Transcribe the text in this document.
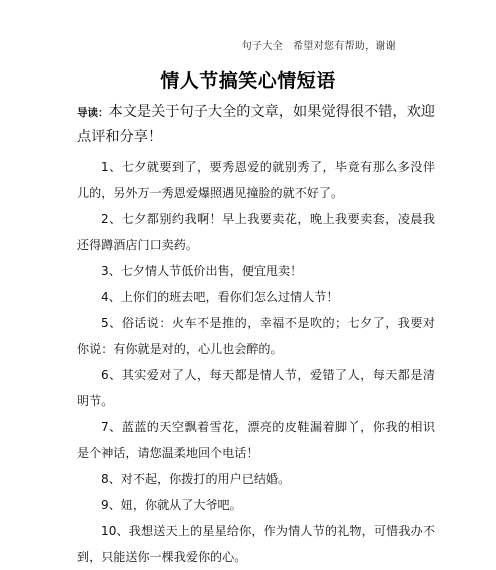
句子大全 希望对您有帮助，谢谢
情人节搞笑心情短语

导读：本文是关于句子大全的文章，如果觉得很不错，欢迎点评和分享！

1、七夕就要到了，要秀恩爱的就别秀了，毕竟有那么多没伴儿的，另外万一秀恩爱爆照遇见撞脸的就不好了。

2、七夕都别约我啊！早上我要卖花，晚上我要卖套，凌晨我还得蹲酒店门口卖药。

3、七夕情人节低价出售，便宜甩卖！

4、上你们的班去吧，看你们怎么过情人节！

5、俗话说：火车不是推的，幸福不是吹的；七夕了，我要对你说：有你就是对的，心儿也会醉的。

6、其实爱对了人，每天都是情人节，爱错了人，每天都是清明节。

7、蓝蓝的天空飘着雪花，漂亮的皮鞋漏着脚丫，你我的相识是个神话，请您温柔地回个电话！

8、对不起，你拨打的用户已结婚。

9、妞，你就从了大爷吧。

10、我想送天上的星星给你，作为情人节的礼物，可惜我办不到，只能送你一棵我爱你的心。
